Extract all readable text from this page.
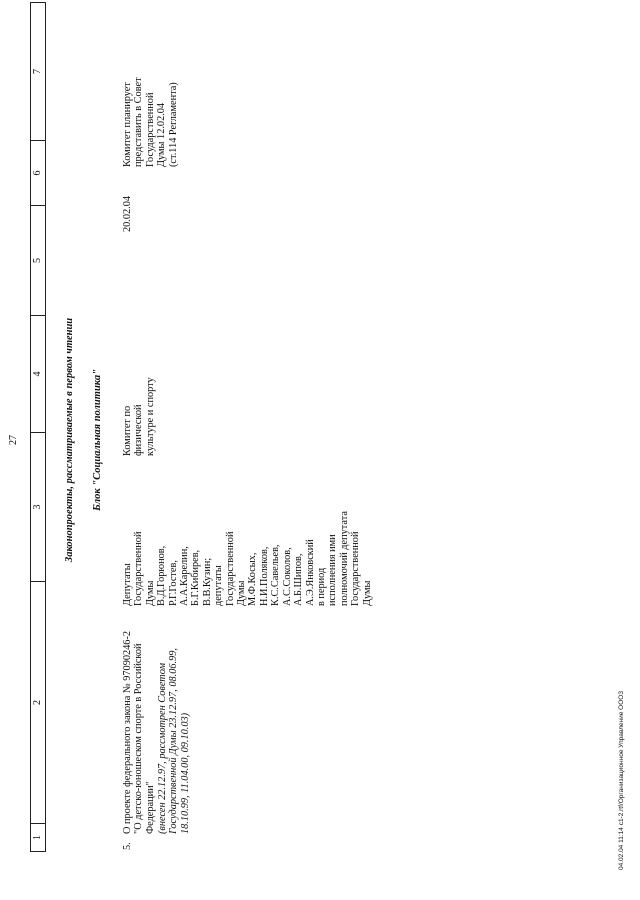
27
1
2
3
4
5
6
7
Законопроекты, рассматриваемые в первом чтении Блок "Социальная политика"
5.
О проекте федерального закона № 97090246-2
"О детско-юношеском спорте в Российской
Федерации" (внесен 22.12.97, рассмотрен Советом
Государственной Думы 23.12.97, 08.06.99,
18.10.99, 11.04.00, 09.10.03)
Депутаты
Государственной
Думы
В.Д.Горюнов,
Р.Г.Гостев,
А.А.Карелин,
Б.Г.Кибирев,
В.В.Кузин;
депутаты
Государственной
Думы
М.Ф.Косых,
Н.И.Поляков,
К.С.Савельев,
А.С.Соколов,
А.Б.Шипов,
А.Э.Янковский
в период
исполнения ими
полномочий депутата
Государственной
Думы
Комитет по
физической
культуре и спорту
20.02.04
Комитет планирует
представить в Совет
Государственной
Думы 12.02.04
(ст.114 Регламента)
04.02.04 11:14 c1-2.rtf/Организационное Управление ООО3
